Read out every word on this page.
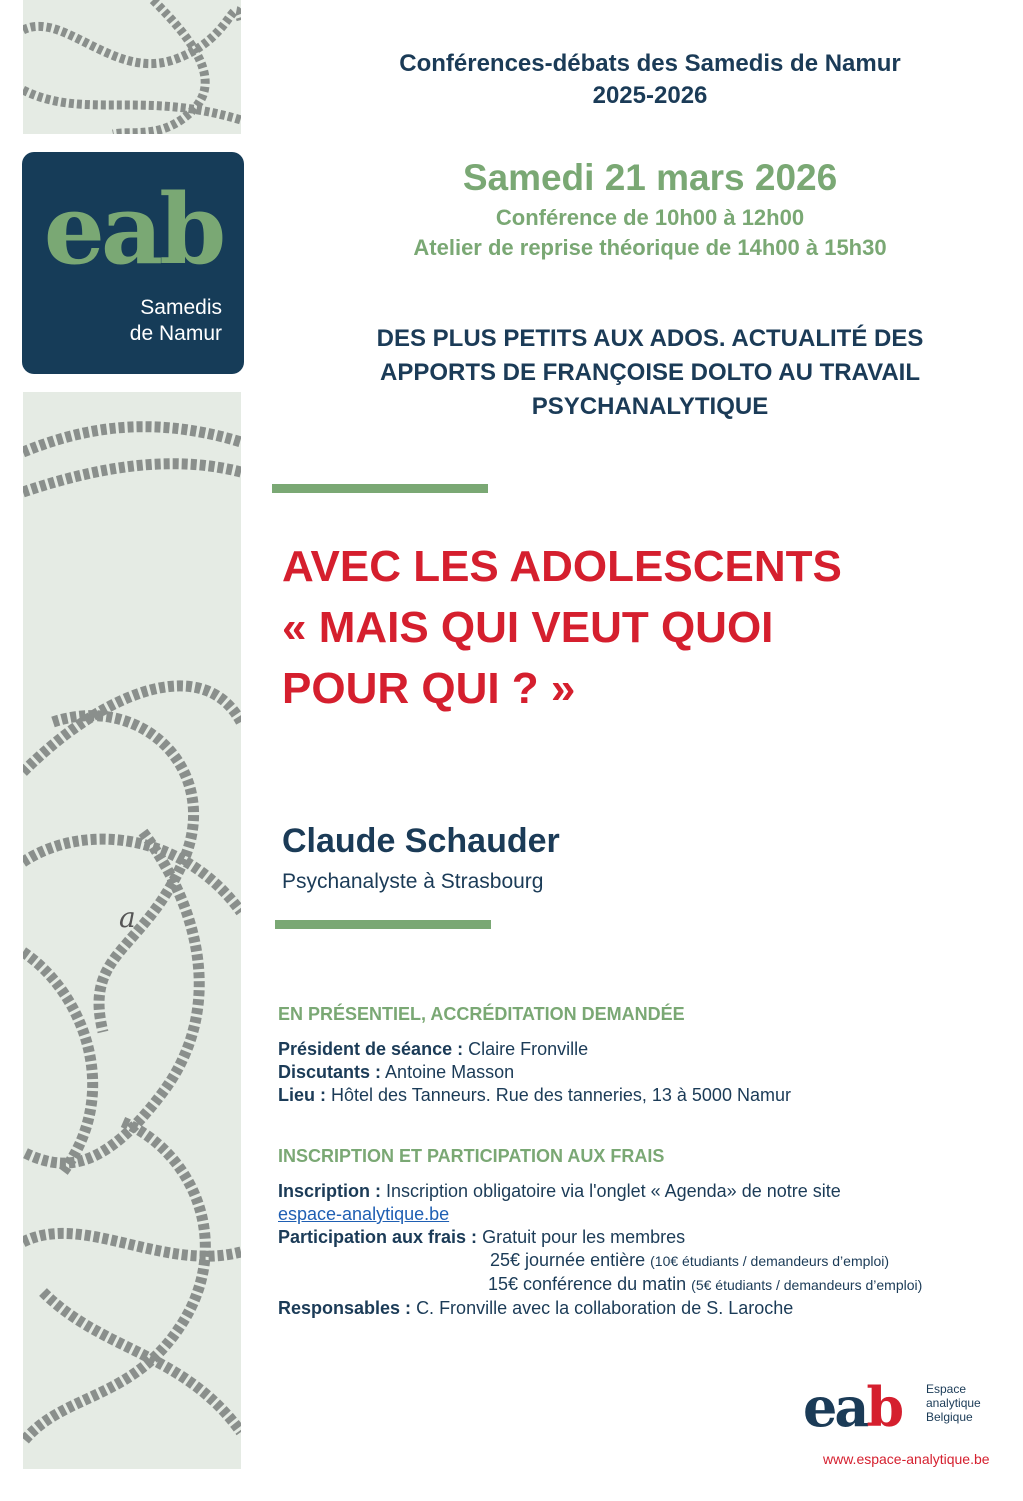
eab
Samedis
de Namur
a
Conférences-débats des Samedis de Namur
2025-2026
Samedi 21 mars 2026
Conférence de 10h00 à 12h00
Atelier de reprise théorique de 14h00 à 15h30
DES PLUS PETITS AUX ADOS. ACTUALITÉ DES
APPORTS DE FRANÇOISE DOLTO AU TRAVAIL
PSYCHANALYTIQUE
AVEC LES ADOLESCENTS
« MAIS QUI VEUT QUOI
POUR QUI ? »
Claude Schauder
Psychanalyste à Strasbourg
EN PRÉSENTIEL, ACCRÉDITATION DEMANDÉE
Président de séance : Claire Fronville
Discutants : Antoine Masson
Lieu : Hôtel des Tanneurs. Rue des tanneries, 13 à 5000 Namur
INSCRIPTION ET PARTICIPATION AUX FRAIS
Inscription : Inscription obligatoire via l'onglet « Agenda» de notre site
espace-analytique.be
Participation aux frais : Gratuit pour les membres
25€ journée entière (10€ étudiants / demandeurs d’emploi)
15€ conférence du matin (5€ étudiants / demandeurs d’emploi)
Responsables : C. Fronville avec la collaboration de S. Laroche
eab Espace
analytique
Belgique
www.espace-analytique.be
